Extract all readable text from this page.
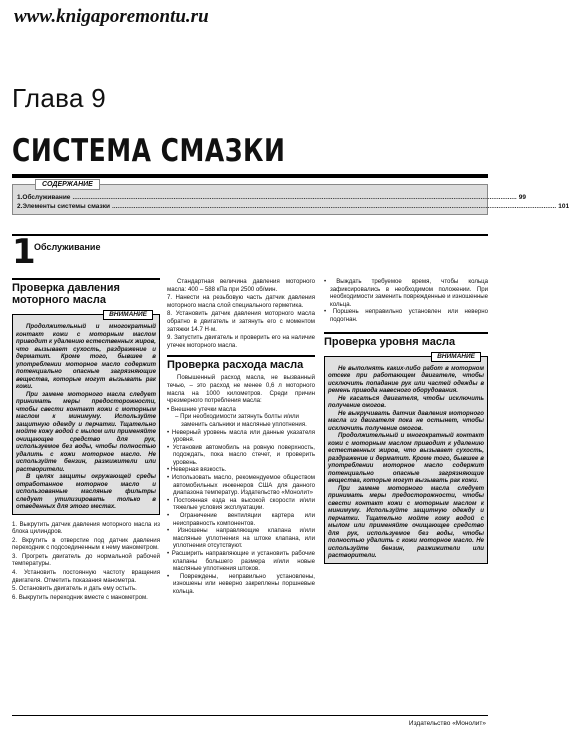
www.knigaporemontu.ru
Глава 9
СИСТЕМА СМАЗКИ
СОДЕРЖАНИЕ
1. Обслуживание ...................................................................................................................................................................................................................................................... 99
2. Элементы системы смазки ...................................................................................................................................................................................................................................................... 101
1
Обслуживание
Проверка давления моторного масла
ВНИМАНИЕ

Продолжительный и многократный контакт кожи с моторным маслом приводит к удалению естественных жиров, что вызывает сухость, раздражение и дерматит. Кроме того, бывшее в употреблении моторное масло содержит потенциально опасные загрязняющие вещества, которые могут вызывать рак кожи.

При замене моторного масла следует принимать меры предосторожности, чтобы свести контакт кожи с моторным маслом к минимуму. Используйте защитную одежду и перчатки. Тщательно мойте кожу водой с мылом или применяйте очищающее средство для рук, используемое без воды, чтобы полностью удалить с кожи моторное масло. Не используйте бензин, разжижители или растворители.

В целях защиты окружающей среды отработанное моторное масло и использованные масляные фильтры следует утилизировать только в отведенных для этого местах.

1. Выкрутить датчик давления моторного масла из блока цилиндров.

2. Вкрутить в отверстие под датчик давления переходник с подсоединенным к нему манометром.

3. Прогреть двигатель до нормальной рабочей температуры.

4. Установить постоянную частоту вращения двигателя. Отметить показания манометра.

5. Остановить двигатель и дать ему остыть.

6. Выкрутить переходник вместе с манометром.

Стандартная величина давления моторного масла: 400 – 588 кПа при 2500 об/мин.

7. Нанести на резьбовую часть датчик давления моторного масла слой специального герметика.

8. Установить датчик давления моторного масла обратно в двигатель и затянуть его с моментом затяжки 14.7 Н·м.

9. Запустить двигатель и проверить его на наличие утечек моторного масла.

Проверка расхода масла

Повышенный расход масла, не вызванный течью, – это расход не менее 0,6 л моторного масла на 1000 километров. Среди причин чрезмерного потребления масла:

• Внешние утечки масла

– При необходимости затянуть болты и/или заменить сальники и масляные уплотнения.

• Неверный уровень масла или данные указателя уровня.

• Установив автомобиль на ровную поверхность, подождать, пока масло стечет, и проверить уровень.

• Неверная вязкость.

• Использовать масло, рекомендуемое обществом автомобильных инженеров США для данного диапазона температур. Издательство «Монолит»

• Постоянная езда на высокой скорости и/или тяжелые условия эксплуатации.

• Ограничение вентиляции картера или неисправность компонентов.

• Изношены направляющие клапана и/или масляные уплотнения на штоке клапана, или уплотнения отсутствуют.

• Расширить направляющие и установить рабочие клапаны большего размера и/или новые масляные уплотнения штоков.

• Повреждены, неправильно установлены, изношены или неверно закреплены поршневые кольца.

• Выждать требуемое время, чтобы кольца зафиксировались в необходимом положении. При необходимости заменить поврежденные и изношенные кольца.

• Поршень неправильно установлен или неверно подогнан.

Проверка уровня масла
ВНИМАНИЕ

Не выполнять каких-либо работ в моторном отсеке при работающем двигателе, чтобы исключить попадание рук или частей одежды в ремень привода навесного оборудования.

Не касаться двигателя, чтобы исключить получение ожогов.

Не выкручивать датчик давления моторного масла из двигателя пока не остынет, чтобы исключить получение ожогов.

Продолжительный и многократный контакт кожи с моторным маслом приводит к удалению естественных жиров, что вызывает сухость, раздражение и дерматит. Кроме того, бывшее в употреблении моторное масло содержит потенциально опасные загрязняющие вещества, которые могут вызывать рак кожи.

При замене моторного масла следует принимать меры предосторожности, чтобы свести контакт кожи с моторным маслом к минимуму. Используйте защитную одежду и перчатки. Тщательно мойте кожу водой с мылом или применяйте очищающее средство для рук, используемое без воды, чтобы полностью удалить с кожи моторное масло. Не используйте бензин, разжижители или растворители.

Издательство «Монолит»
